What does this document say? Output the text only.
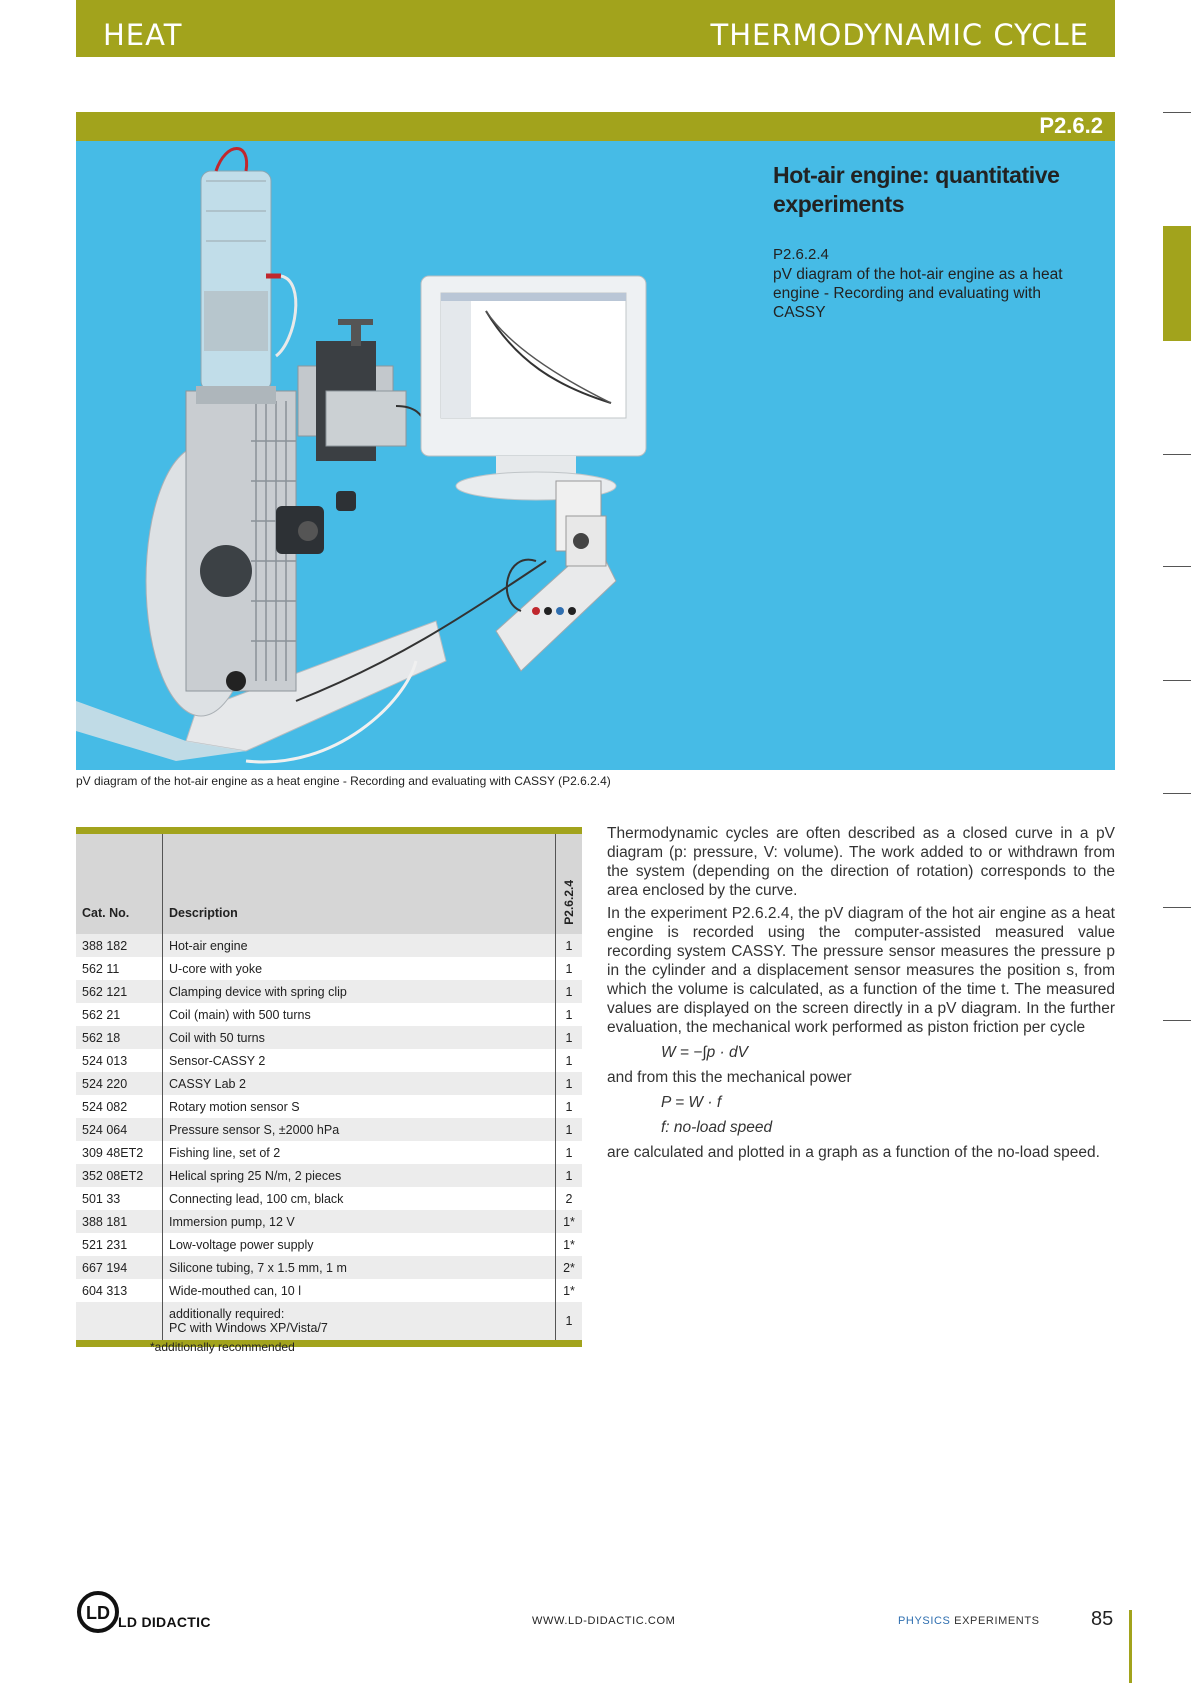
HEAT	THERMODYNAMIC CYCLE
P2.6.2
Hot-air engine: quantitative experiments
P2.6.2.4
pV diagram of the hot-air engine as a heat engine - Recording and evaluating with CASSY
pV diagram of the hot-air engine as a heat engine - Recording and evaluating with CASSY (P2.6.2.4)
Cat. No.	Description	P2.6.2.4
388 182	Hot-air engine	1
562 11	U-core with yoke	1
562 121	Clamping device with spring clip	1
562 21	Coil (main) with 500 turns	1
562 18	Coil with 50 turns	1
524 013	Sensor-CASSY 2	1
524 220	CASSY Lab 2	1
524 082	Rotary motion sensor S	1
524 064	Pressure sensor S, ±2000 hPa	1
309 48ET2	Fishing line, set of 2	1
352 08ET2	Helical spring 25 N/m, 2 pieces	1
501 33	Connecting lead, 100 cm, black	2
388 181	Immersion pump, 12 V	1*
521 231	Low-voltage power supply	1*
667 194	Silicone tubing, 7 x 1.5 mm, 1 m	2*
604 313	Wide-mouthed can, 10 l	1*
	additionally required:
PC with Windows XP/Vista/7	1
*additionally recommended

Thermodynamic cycles are often described as a closed curve in a pV diagram (p: pressure, V: volume). The work added to or withdrawn from the system (depending on the direction of rotation) corresponds to the area enclosed by the curve.

In the experiment P2.6.2.4, the pV diagram of the hot air engine as a heat engine is recorded using the computer-assisted measured value recording system CASSY. The pressure sensor measures the pressure p in the cylinder and a displacement sensor measures the position s, from which the volume is calculated, as a function of the time t. The measured values are displayed on the screen directly in a pV diagram. In the further evaluation, the mechanical work performed as piston friction per cycle

W = −∫p · dV

and from this the mechanical power

P = W · f
f: no-load speed

are calculated and plotted in a graph as a function of the no-load speed.

LD LD DIDACTIC	WWW.LD-DIDACTIC.COM	PHYSICS EXPERIMENTS	85
